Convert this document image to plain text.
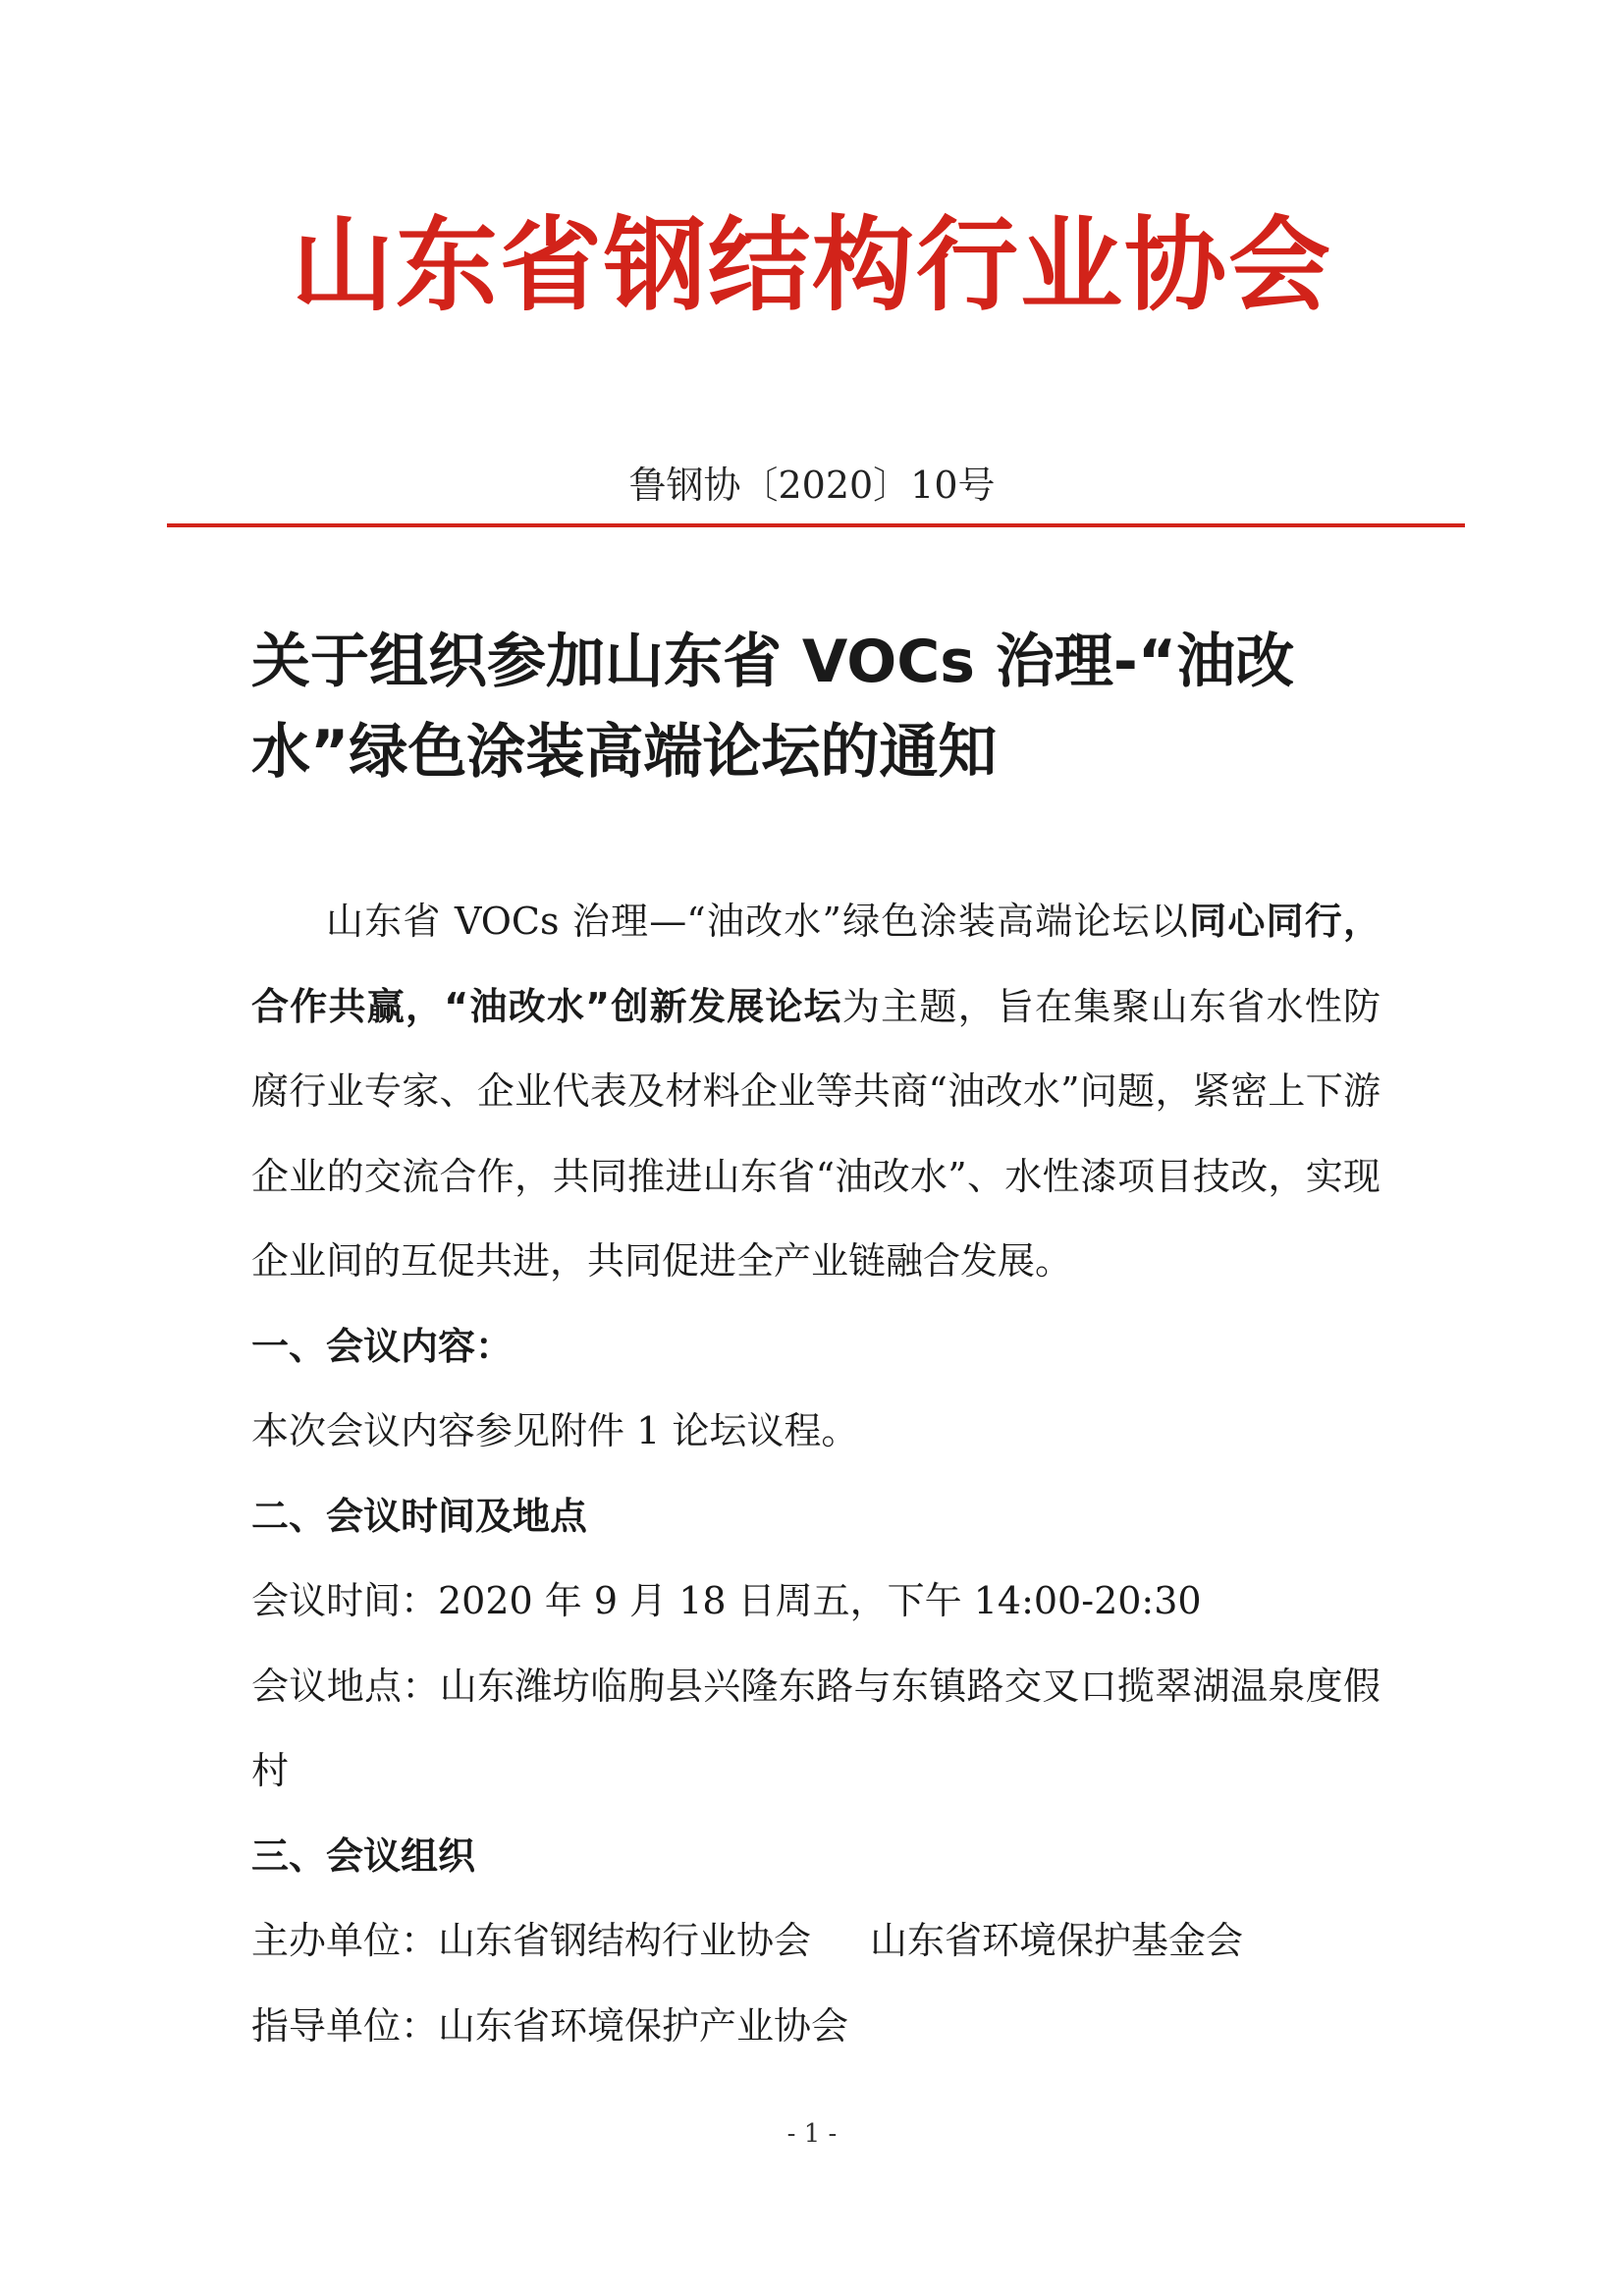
山东省钢结构行业协会
鲁钢协〔2020〕10号
关于组织参加山东省 VOCs 治理-“油改
水”绿色涂装高端论坛的通知

山东省 VOCs 治理—“油改水”绿色涂装高端论坛以同心同行，合作共赢，“油改水”创新发展论坛为主题，旨在集聚山东省水性防腐行业专家、企业代表及材料企业等共商“油改水”问题，紧密上下游企业的交流合作，共同推进山东省“油改水”、水性漆项目技改，实现企业间的互促共进，共同促进全产业链融合发展。

一、会议内容：

本次会议内容参见附件 1 论坛议程。

二、会议时间及地点

会议时间：2020 年 9 月 18 日周五，下午 14:00-20:30

会议地点：山东潍坊临朐县兴隆东路与东镇路交叉口揽翠湖温泉度假村

三、会议组织

主办单位：山东省钢结构行业协会 山东省环境保护基金会

指导单位：山东省环境保护产业协会

- 1 -
